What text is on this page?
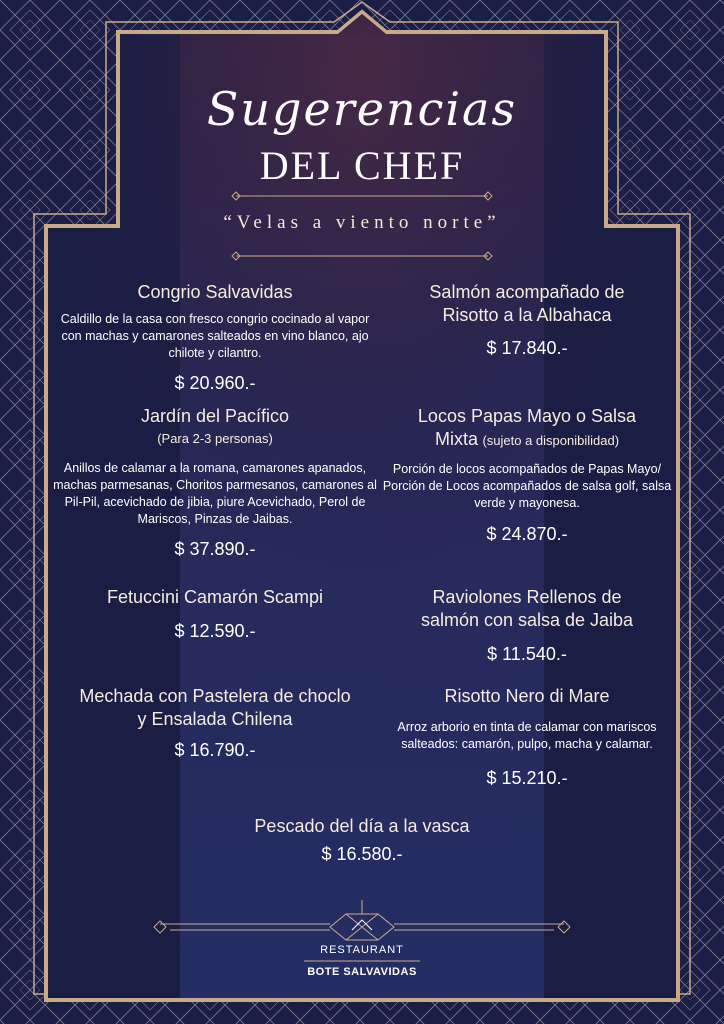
Sugerencias
DEL CHEF
“Velas a viento norte”
Congrio Salvavidas
Caldillo de la casa con fresco congrio cocinado al vapor con machas y camarones salteados en vino blanco, ajo chilote y cilantro.
$ 20.960.-
Jardín del Pacífico
(Para 2-3 personas)
Anillos de calamar a la romana, camarones apanados, machas parmesanas, Choritos parmesanos, camarones al Pil-Pil, acevichado de jibia, piure Acevichado, Perol de Mariscos, Pinzas de Jaibas.
$ 37.890.-
Fetuccini Camarón Scampi
$ 12.590.-
Mechada con Pastelera de choclo y Ensalada Chilena
$ 16.790.-
Salmón acompañado de Risotto a la Albahaca
$ 17.840.-
Locos Papas Mayo o Salsa
Mixta (sujeto a disponibilidad)
Porción de locos acompañados de Papas Mayo/ Porción de Locos acompañados de salsa golf, salsa verde y mayonesa.
$ 24.870.-
Raviolones Rellenos de salmón con salsa de Jaiba
$ 11.540.-
Risotto Nero di Mare
Arroz arborio en tinta de calamar con mariscos salteados: camarón, pulpo, macha y calamar.
$ 15.210.-
Pescado del día a la vasca
$ 16.580.-
RESTAURANT
BOTE SALVAVIDAS
